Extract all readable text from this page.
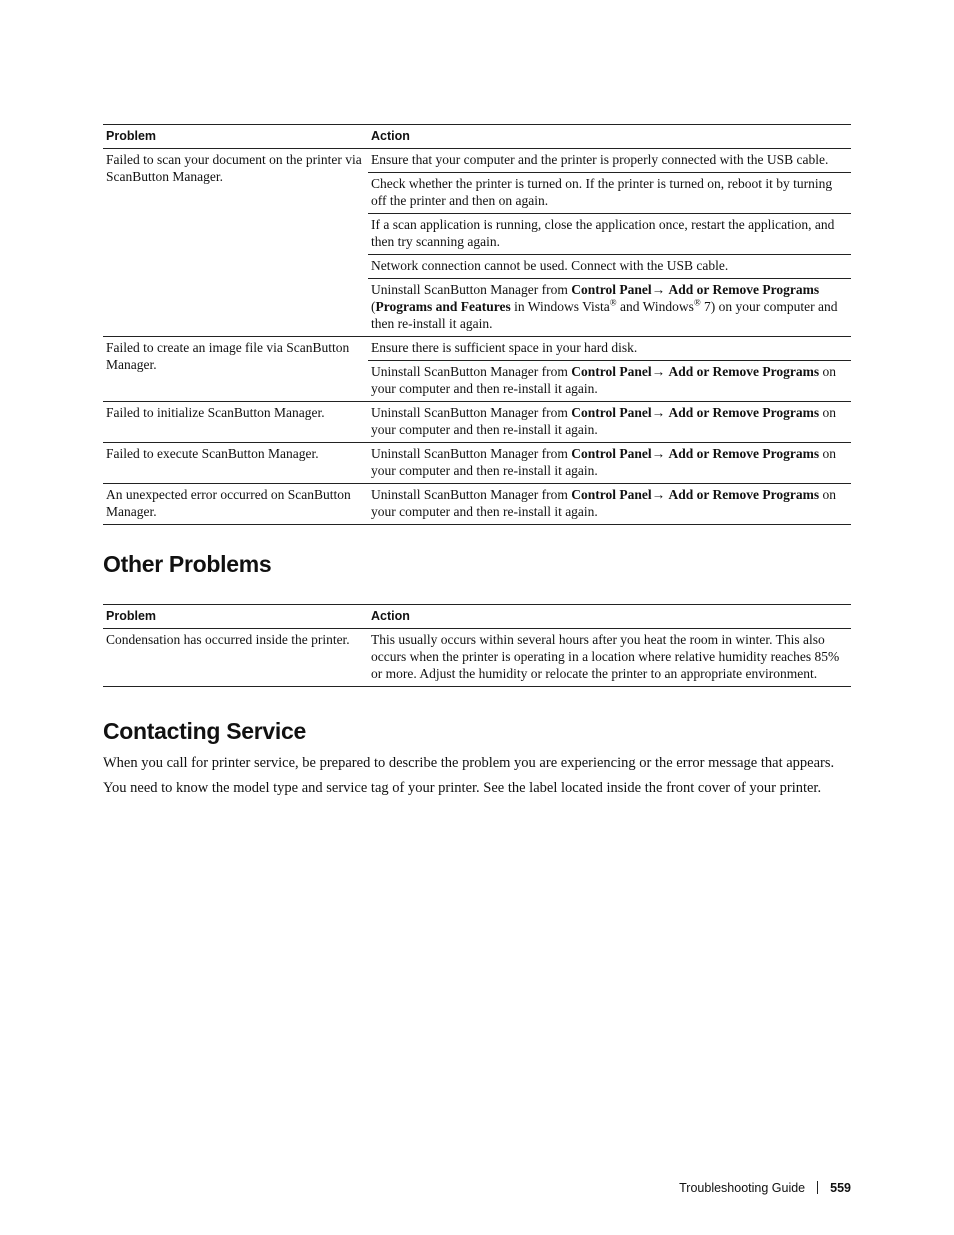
Problem	Action
Failed to scan your document on the printer via ScanButton Manager.	Ensure that your computer and the printer is properly connected with the USB cable.
	Check whether the printer is turned on. If the printer is turned on, reboot it by turning off the printer and then on again.
	If a scan application is running, close the application once, restart the application, and then try scanning again.
	Network connection cannot be used. Connect with the USB cable.
	Uninstall ScanButton Manager from Control Panel→ Add or Remove Programs (Programs and Features in Windows Vista® and Windows® 7) on your computer and then re-install it again.
Failed to create an image file via ScanButton Manager.	Ensure there is sufficient space in your hard disk.
	Uninstall ScanButton Manager from Control Panel→ Add or Remove Programs on your computer and then re-install it again.
Failed to initialize ScanButton Manager.	Uninstall ScanButton Manager from Control Panel→ Add or Remove Programs on your computer and then re-install it again.
Failed to execute ScanButton Manager.	Uninstall ScanButton Manager from Control Panel→ Add or Remove Programs on your computer and then re-install it again.
An unexpected error occurred on ScanButton Manager.	Uninstall ScanButton Manager from Control Panel→ Add or Remove Programs on your computer and then re-install it again.
Other Problems
Problem	Action
Condensation has occurred inside the printer.	This usually occurs within several hours after you heat the room in winter. This also occurs when the printer is operating in a location where relative humidity reaches 85% or more. Adjust the humidity or relocate the printer to an appropriate environment.
Contacting Service

When you call for printer service, be prepared to describe the problem you are experiencing or the error message that appears.

You need to know the model type and service tag of your printer. See the label located inside the front cover of your printer.

Troubleshooting Guide 559
